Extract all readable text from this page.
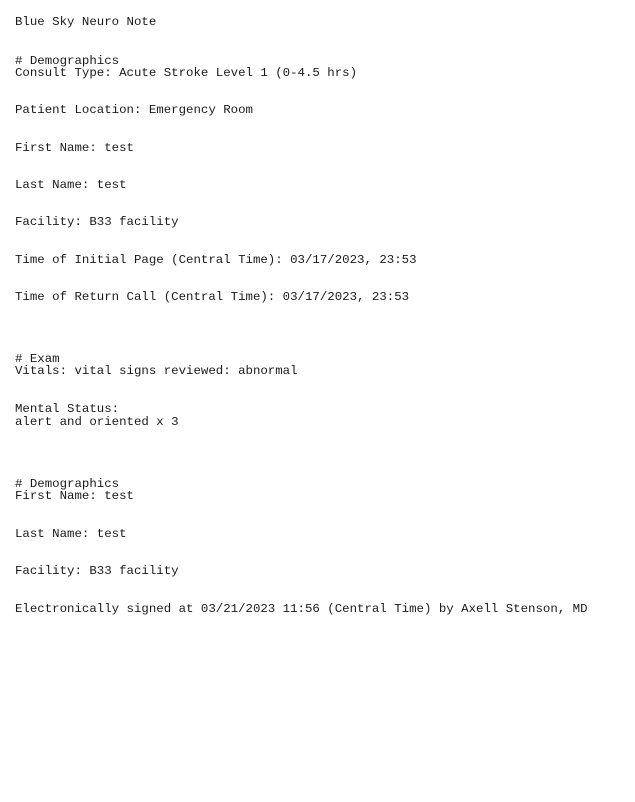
Blue Sky Neuro Note

# Demographics

Consult Type: Acute Stroke Level 1 (0-4.5 hrs)

Patient Location: Emergency Room

First Name: test

Last Name: test

Facility: B33 facility

Time of Initial Page (Central Time): 03/17/2023, 23:53

Time of Return Call (Central Time): 03/17/2023, 23:53

# Exam

Vitals: vital signs reviewed: abnormal

Mental Status:

alert and oriented x 3

# Demographics

First Name: test

Last Name: test

Facility: B33 facility

Electronically signed at 03/21/2023 11:56 (Central Time) by Axell Stenson, MD
